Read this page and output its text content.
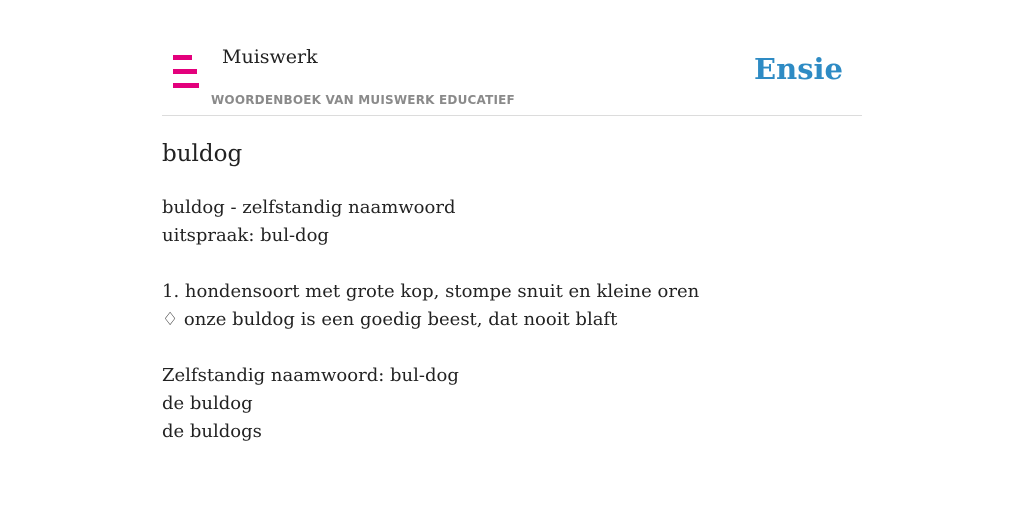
Muiswerk
WOORDENBOEK VAN MUISWERK EDUCATIEF
Ensie
buldog
buldog - zelfstandig naamwoord
uitspraak: bul-dog
1. hondensoort met grote kop, stompe snuit en kleine oren
♢ onze buldog is een goedig beest, dat nooit blaft
Zelfstandig naamwoord: bul-dog
de buldog
de buldogs
